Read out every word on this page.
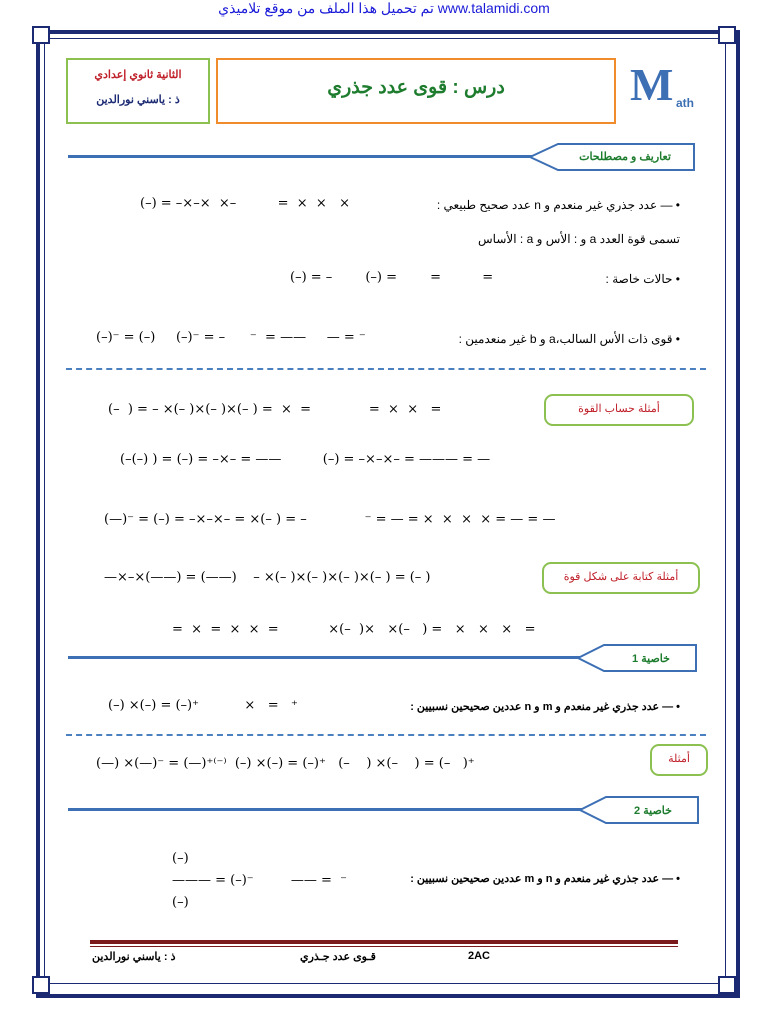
تم تحميل هذا الملف من موقع تلاميذي www.talamidi.com
الثانية ثانوي إعدادي
ذ : ياسني نورالدين
درس : قوى عدد جذري	M ath
تعاريف و مصطلحات
• — عدد جذري غير منعدم و n عدد صحيح طبيعي :
(–) = –×–×  ×–          =  ×  ×   ×
تسمى قوة العدد a و : الأس و a : الأساس
• حالات خاصة :
(–) = –        (–) =        =          =
• قوى ذات الأس السالب،a و b غير منعدمين :
(–)⁻ = (–)     (–)⁻ = –      ⁻  = ——     — = ⁻
أمثلة حساب القوة
(–  ) = – ×(– )×(– )×(– ) =  ×  =              =  ×  ×   =
(–(–) ) = (–) = –×– = ——          (–) = –×–×– = ——— = —
(—)⁻ = (–) = –×–×– = ×(– ) = –              ⁻ = — = ×  ×  ×  × = — = —
أمثلة كتابة على شكل قوة
—×–×(——) = (——)    – ×(– )×(– )×(– )×(– ) = (– )
=  ×  =  ×  ×  =            ×(–  )×   ×(–   ) =   ×   ×   ×   =
خاصية 1
• — عدد جذري غير منعدم و m و n عددين صحيحين نسبيين :
(–) ×(–) = (–)⁺           ×   =   ⁺
أمثلة
(—) ×(—)⁻ = (—)⁺⁽⁻⁾  (–) ×(–) = (–)⁺   (–    ) ×(–    ) = (–   )⁺
خاصية 2
• — عدد جذري غير منعدم و n و m عددين صحيحين نسبيين :
(–)
——— = (–)⁻         —— =  ⁻
(–)
ذ : ياسني نورالدين	قـوى عدد جـذري	2AC
